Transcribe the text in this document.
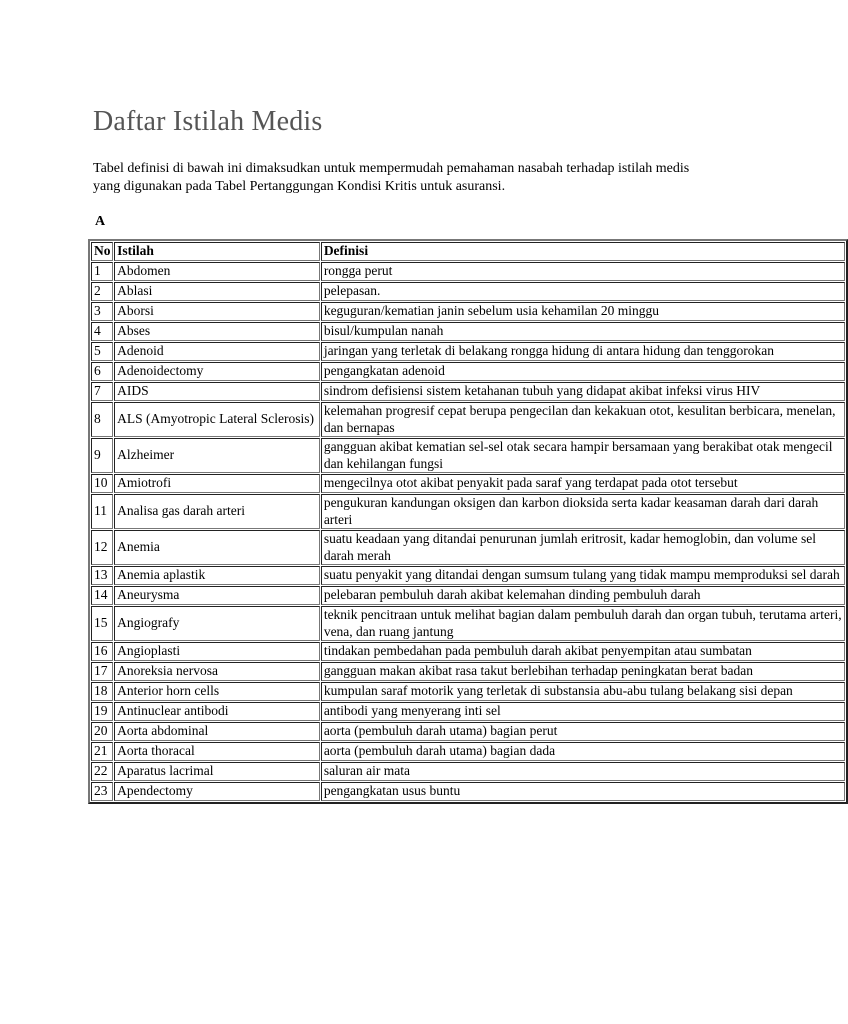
Daftar Istilah Medis

Tabel definisi di bawah ini dimaksudkan untuk mempermudah pemahaman nasabah terhadap istilah medis yang digunakan pada Tabel Pertanggungan Kondisi Kritis untuk asuransi.

A
No	Istilah	Definisi
1	Abdomen	rongga perut
2	Ablasi	pelepasan.
3	Aborsi	keguguran/kematian janin sebelum usia kehamilan 20 minggu
4	Abses	bisul/kumpulan nanah
5	Adenoid	jaringan yang terletak di belakang rongga hidung di antara hidung dan tenggorokan
6	Adenoidectomy	pengangkatan adenoid
7	AIDS	sindrom defisiensi sistem ketahanan tubuh yang didapat akibat infeksi virus HIV
8	ALS (Amyotropic Lateral Sclerosis)	kelemahan progresif cepat berupa pengecilan dan kekakuan otot, kesulitan berbicara, menelan, dan bernapas
9	Alzheimer	gangguan akibat kematian sel-sel otak secara hampir bersamaan yang berakibat otak mengecil dan kehilangan fungsi
10	Amiotrofi	mengecilnya otot akibat penyakit pada saraf yang terdapat pada otot tersebut
11	Analisa gas darah arteri	pengukuran kandungan oksigen dan karbon dioksida serta kadar keasaman darah dari darah arteri
12	Anemia	suatu keadaan yang ditandai penurunan jumlah eritrosit, kadar hemoglobin, dan volume sel darah merah
13	Anemia aplastik	suatu penyakit yang ditandai dengan sumsum tulang yang tidak mampu memproduksi sel darah
14	Aneurysma	pelebaran pembuluh darah akibat kelemahan dinding pembuluh darah
15	Angiografy	teknik pencitraan untuk melihat bagian dalam pembuluh darah dan organ tubuh, terutama arteri, vena, dan ruang jantung
16	Angioplasti	tindakan pembedahan pada pembuluh darah akibat penyempitan atau sumbatan
17	Anoreksia nervosa	gangguan makan akibat rasa takut berlebihan terhadap peningkatan berat badan
18	Anterior horn cells	kumpulan saraf motorik yang terletak di substansia abu-abu tulang belakang sisi depan
19	Antinuclear antibodi	antibodi yang menyerang inti sel
20	Aorta abdominal	aorta (pembuluh darah utama) bagian perut
21	Aorta thoracal	aorta (pembuluh darah utama) bagian dada
22	Aparatus lacrimal	saluran air mata
23	Apendectomy	pengangkatan usus buntu
